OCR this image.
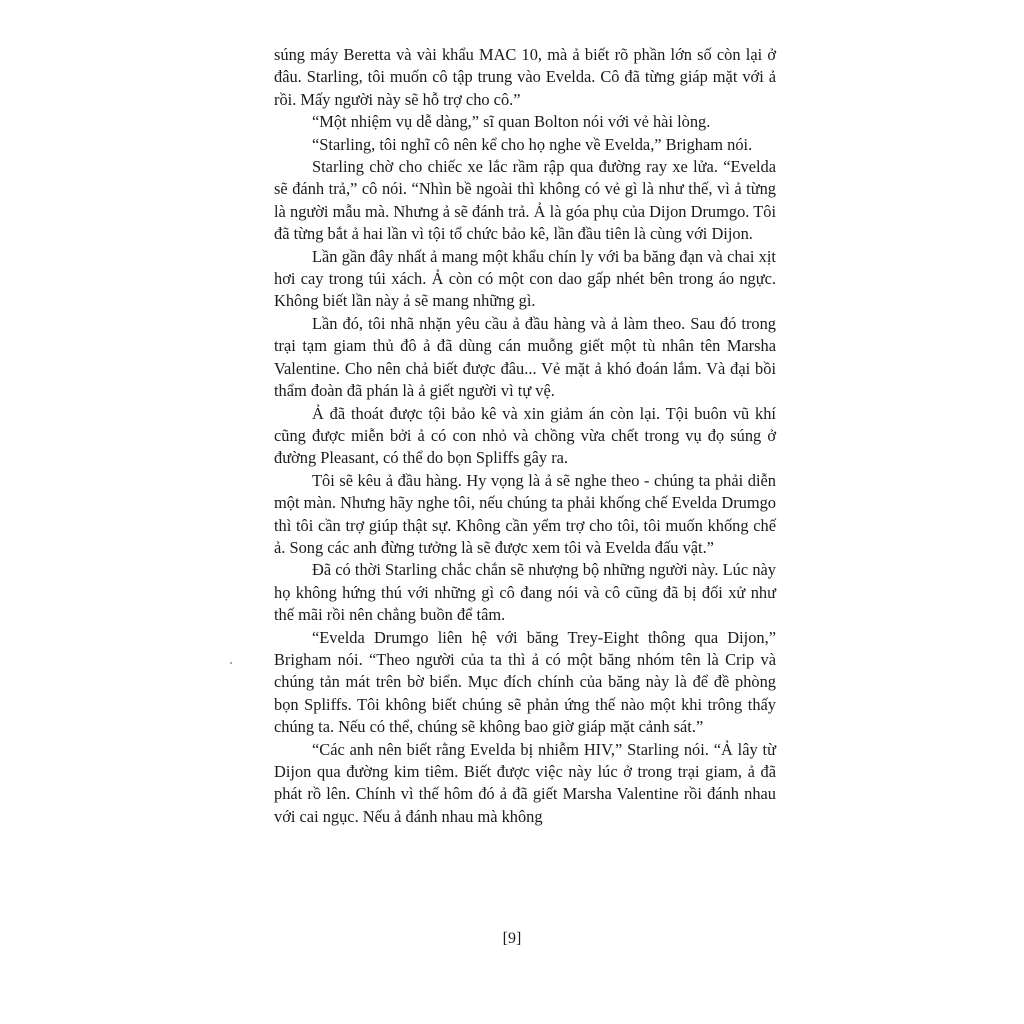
súng máy Beretta và vài khẩu MAC 10, mà ả biết rõ phần lớn số còn lại ở đâu. Starling, tôi muốn cô tập trung vào Evelda. Cô đã từng giáp mặt với ả rồi. Mấy người này sẽ hỗ trợ cho cô.”

“Một nhiệm vụ dễ dàng,” sĩ quan Bolton nói với vẻ hài lòng.

“Starling, tôi nghĩ cô nên kể cho họ nghe về Evelda,” Brigham nói.

Starling chờ cho chiếc xe lắc rầm rập qua đường ray xe lửa. “Evelda sẽ đánh trả,” cô nói. “Nhìn bề ngoài thì không có vẻ gì là như thế, vì ả từng là người mẫu mà. Nhưng ả sẽ đánh trả. Ả là góa phụ của Dijon Drumgo. Tôi đã từng bắt ả hai lần vì tội tổ chức bảo kê, lần đầu tiên là cùng với Dijon.

Lần gần đây nhất ả mang một khẩu chín ly với ba băng đạn và chai xịt hơi cay trong túi xách. Ả còn có một con dao gấp nhét bên trong áo ngực. Không biết lần này ả sẽ mang những gì.

Lần đó, tôi nhã nhặn yêu cầu ả đầu hàng và ả làm theo. Sau đó trong trại tạm giam thủ đô ả đã dùng cán muỗng giết một tù nhân tên Marsha Valentine. Cho nên chả biết được đâu... Vẻ mặt ả khó đoán lắm. Và đại bồi thẩm đoàn đã phán là ả giết người vì tự vệ.

Ả đã thoát được tội bảo kê và xin giảm án còn lại. Tội buôn vũ khí cũng được miễn bởi ả có con nhỏ và chồng vừa chết trong vụ đọ súng ở đường Pleasant, có thể do bọn Spliffs gây ra.

Tôi sẽ kêu ả đầu hàng. Hy vọng là ả sẽ nghe theo - chúng ta phải diễn một màn. Nhưng hãy nghe tôi, nếu chúng ta phải khống chế Evelda Drumgo thì tôi cần trợ giúp thật sự. Không cần yểm trợ cho tôi, tôi muốn khống chế ả. Song các anh đừng tưởng là sẽ được xem tôi và Evelda đấu vật.”

Đã có thời Starling chắc chắn sẽ nhượng bộ những người này. Lúc này họ không hứng thú với những gì cô đang nói và cô cũng đã bị đối xử như thế mãi rồi nên chẳng buồn để tâm.

“Evelda Drumgo liên hệ với băng Trey-Eight thông qua Dijon,” Brigham nói. “Theo người của ta thì ả có một băng nhóm tên là Crip và chúng tản mát trên bờ biển. Mục đích chính của băng này là để đề phòng bọn Spliffs. Tôi không biết chúng sẽ phản ứng thế nào một khi trông thấy chúng ta. Nếu có thể, chúng sẽ không bao giờ giáp mặt cảnh sát.”

“Các anh nên biết rằng Evelda bị nhiễm HIV,” Starling nói. “Ả lây từ Dijon qua đường kim tiêm. Biết được việc này lúc ở trong trại giam, ả đã phát rồ lên. Chính vì thế hôm đó ả đã giết Marsha Valentine rồi đánh nhau với cai ngục. Nếu ả đánh nhau mà không

[9]
